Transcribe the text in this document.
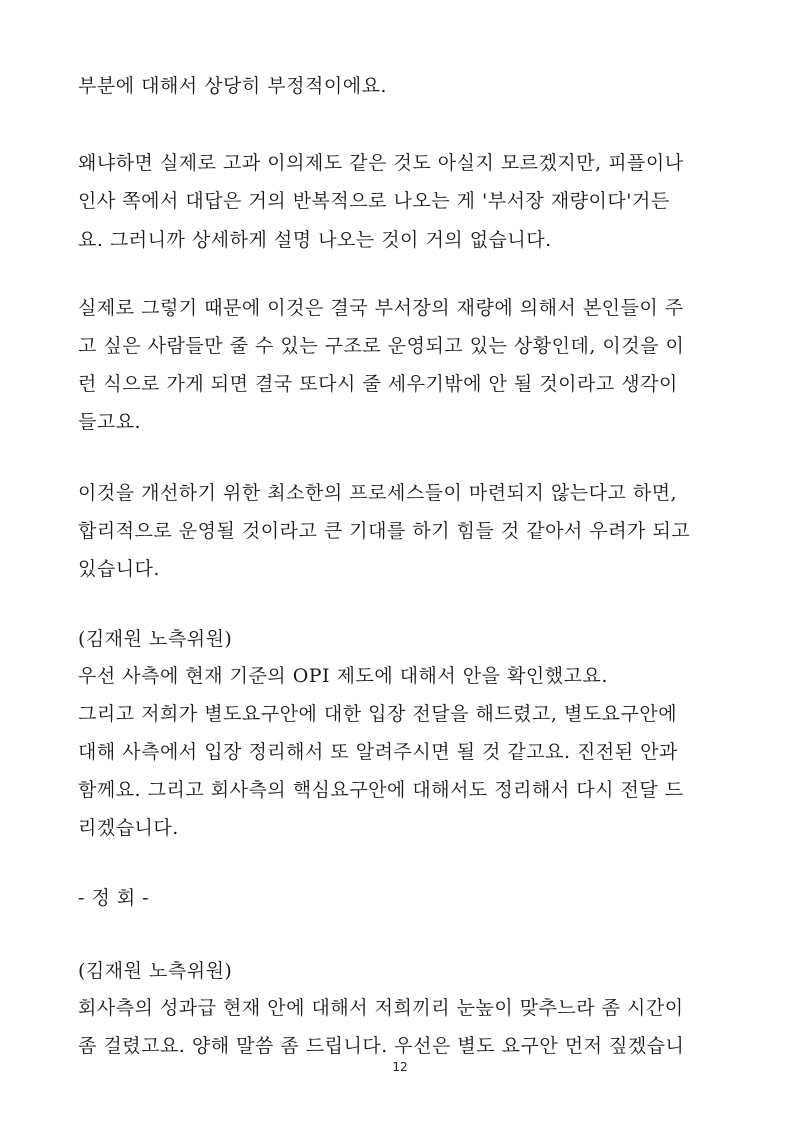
부분에 대해서 상당히 부정적이에요.
왜냐하면 실제로 고과 이의제도 같은 것도 아실지 모르겠지만, 피플이나
인사 쪽에서 대답은 거의 반복적으로 나오는 게 '부서장 재량이다'거든
요. 그러니까 상세하게 설명 나오는 것이 거의 없습니다.
실제로 그렇기 때문에 이것은 결국 부서장의 재량에 의해서 본인들이 주
고 싶은 사람들만 줄 수 있는 구조로 운영되고 있는 상황인데, 이것을 이
런 식으로 가게 되면 결국 또다시 줄 세우기밖에 안 될 것이라고 생각이
들고요.
이것을 개선하기 위한 최소한의 프로세스들이 마련되지 않는다고 하면,
합리적으로 운영될 것이라고 큰 기대를 하기 힘들 것 같아서 우려가 되고
있습니다.
(김재원 노측위원)
우선 사측에 현재 기준의 OPI 제도에 대해서 안을 확인했고요.
그리고 저희가 별도요구안에 대한 입장 전달을 해드렸고, 별도요구안에
대해 사측에서 입장 정리해서 또 알려주시면 될 것 같고요. 진전된 안과
함께요. 그리고 회사측의 핵심요구안에 대해서도 정리해서 다시 전달 드
리겠습니다.
- 정 회 -
(김재원 노측위원)
회사측의 성과급 현재 안에 대해서 저희끼리 눈높이 맞추느라 좀 시간이
좀 걸렸고요. 양해 말씀 좀 드립니다. 우선은 별도 요구안 먼저 짚겠습니
12
